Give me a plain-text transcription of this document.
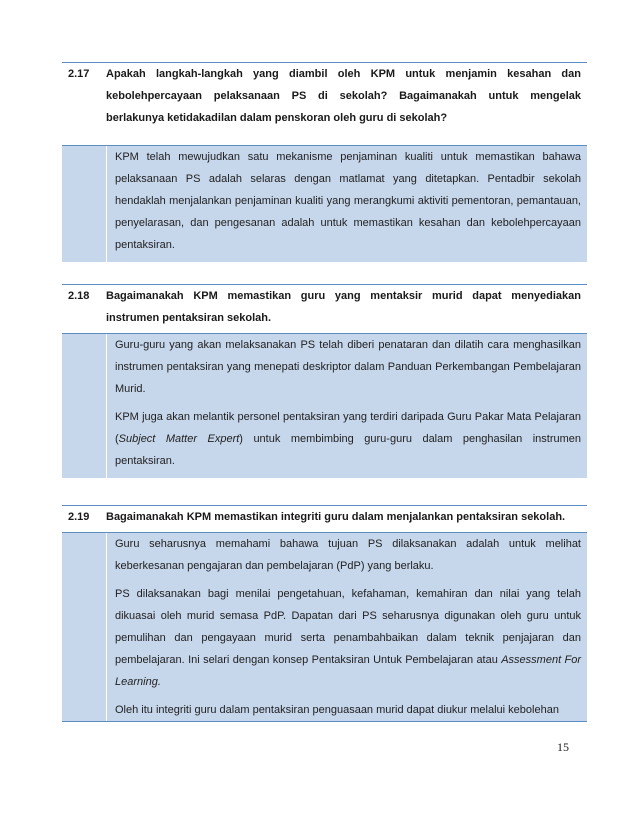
2.17	Apakah langkah-langkah yang diambil oleh KPM untuk menjamin kesahan dan kebolehpercayaan pelaksanaan PS di sekolah? Bagaimanakah untuk mengelak berlakunya ketidakadilan dalam penskoran oleh guru di sekolah?

KPM telah mewujudkan satu mekanisme penjaminan kualiti untuk memastikan bahawa pelaksanaan PS adalah selaras dengan matlamat yang ditetapkan. Pentadbir sekolah hendaklah menjalankan penjaminan kualiti yang merangkumi aktiviti pementoran, pemantauan, penyelarasan, dan pengesanan adalah untuk memastikan kesahan dan kebolehpercayaan pentaksiran.

2.18	Bagaimanakah KPM memastikan guru yang mentaksir murid dapat menyediakan instrumen pentaksiran sekolah.

Guru-guru yang akan melaksanakan PS telah diberi penataran dan dilatih cara menghasilkan instrumen pentaksiran yang menepati deskriptor dalam Panduan Perkembangan Pembelajaran Murid.

KPM juga akan melantik personel pentaksiran yang terdiri daripada Guru Pakar Mata Pelajaran (Subject Matter Expert) untuk membimbing guru-guru dalam penghasilan instrumen pentaksiran.

2.19	Bagaimanakah KPM memastikan integriti guru dalam menjalankan pentaksiran sekolah.

Guru seharusnya memahami bahawa tujuan PS dilaksanakan adalah untuk melihat keberkesanan pengajaran dan pembelajaran (PdP) yang berlaku.

PS dilaksanakan bagi menilai pengetahuan, kefahaman, kemahiran dan nilai yang telah dikuasai oleh murid semasa PdP. Dapatan dari PS seharusnya digunakan oleh guru untuk pemulihan dan pengayaan murid serta penambahbaikan dalam teknik penjajaran dan pembelajaran. Ini selari dengan konsep Pentaksiran Untuk Pembelajaran atau Assessment For Learning.

Oleh itu integriti guru dalam pentaksiran penguasaan murid dapat diukur melalui kebolehan

15
